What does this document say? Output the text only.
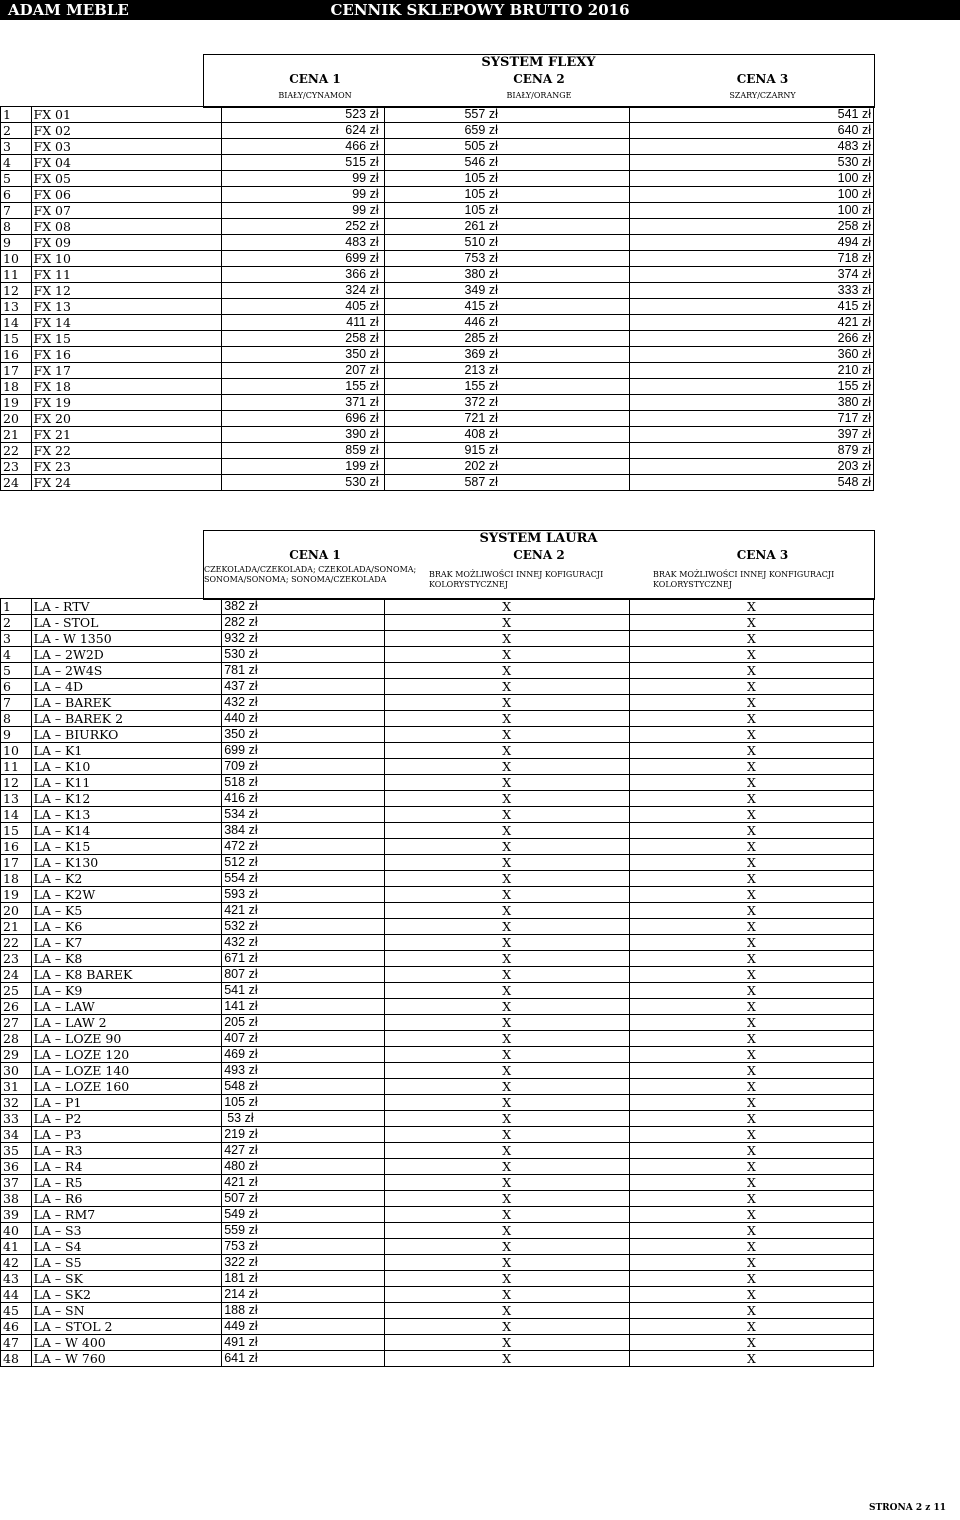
ADAM MEBLE	CENNIK SKLEPOWY BRUTTO 2016
SYSTEM FLEXY
CENA 1	CENA 2	CENA 3
BIAŁY/CYNAMON	BIAŁY/ORANGE	SZARY/CZARNY
1	FX 01	523 zł	557 zł	541 zł
2	FX 02	624 zł	659 zł	640 zł
3	FX 03	466 zł	505 zł	483 zł
4	FX 04	515 zł	546 zł	530 zł
5	FX 05	99 zł	105 zł	100 zł
6	FX 06	99 zł	105 zł	100 zł
7	FX 07	99 zł	105 zł	100 zł
8	FX 08	252 zł	261 zł	258 zł
9	FX 09	483 zł	510 zł	494 zł
10	FX 10	699 zł	753 zł	718 zł
11	FX 11	366 zł	380 zł	374 zł
12	FX 12	324 zł	349 zł	333 zł
13	FX 13	405 zł	415 zł	415 zł
14	FX 14	411 zł	446 zł	421 zł
15	FX 15	258 zł	285 zł	266 zł
16	FX 16	350 zł	369 zł	360 zł
17	FX 17	207 zł	213 zł	210 zł
18	FX 18	155 zł	155 zł	155 zł
19	FX 19	371 zł	372 zł	380 zł
20	FX 20	696 zł	721 zł	717 zł
21	FX 21	390 zł	408 zł	397 zł
22	FX 22	859 zł	915 zł	879 zł
23	FX 23	199 zł	202 zł	203 zł
24	FX 24	530 zł	587 zł	548 zł
SYSTEM LAURA
CENA 1	CENA 2	CENA 3
CZEKOLADA/CZEKOLADA; CZEKOLADA/SONOMA; SONOMA/SONOMA; SONOMA/CZEKOLADA
BRAK MOŻLIWOŚCI INNEJ KOFIGURACJI KOLORYSTYCZNEJ
BRAK MOŻLIWOŚCI INNEJ KONFIGURACJI KOLORYSTYCZNEJ
1	LA - RTV	382 zł	X	X
2	LA - STOL	282 zł	X	X
3	LA - W 1350	932 zł	X	X
4	LA – 2W2D	530 zł	X	X
5	LA – 2W4S	781 zł	X	X
6	LA – 4D	437 zł	X	X
7	LA – BAREK	432 zł	X	X
8	LA – BAREK 2	440 zł	X	X
9	LA – BIURKO	350 zł	X	X
10	LA – K1	699 zł	X	X
11	LA – K10	709 zł	X	X
12	LA – K11	518 zł	X	X
13	LA – K12	416 zł	X	X
14	LA – K13	534 zł	X	X
15	LA – K14	384 zł	X	X
16	LA – K15	472 zł	X	X
17	LA – K130	512 zł	X	X
18	LA – K2	554 zł	X	X
19	LA – K2W	593 zł	X	X
20	LA – K5	421 zł	X	X
21	LA – K6	532 zł	X	X
22	LA – K7	432 zł	X	X
23	LA – K8	671 zł	X	X
24	LA – K8 BAREK	807 zł	X	X
25	LA – K9	541 zł	X	X
26	LA – LAW	141 zł	X	X
27	LA – LAW 2	205 zł	X	X
28	LA – LOZE 90	407 zł	X	X
29	LA – LOZE 120	469 zł	X	X
30	LA – LOZE 140	493 zł	X	X
31	LA – LOZE 160	548 zł	X	X
32	LA – P1	105 zł	X	X
33	LA – P2	53 zł	X	X
34	LA – P3	219 zł	X	X
35	LA – R3	427 zł	X	X
36	LA – R4	480 zł	X	X
37	LA – R5	421 zł	X	X
38	LA – R6	507 zł	X	X
39	LA – RM7	549 zł	X	X
40	LA – S3	559 zł	X	X
41	LA – S4	753 zł	X	X
42	LA – S5	322 zł	X	X
43	LA – SK	181 zł	X	X
44	LA – SK2	214 zł	X	X
45	LA – SN	188 zł	X	X
46	LA – STOL 2	449 zł	X	X
47	LA – W 400	491 zł	X	X
48	LA – W 760	641 zł	X	X
STRONA 2 z 11
